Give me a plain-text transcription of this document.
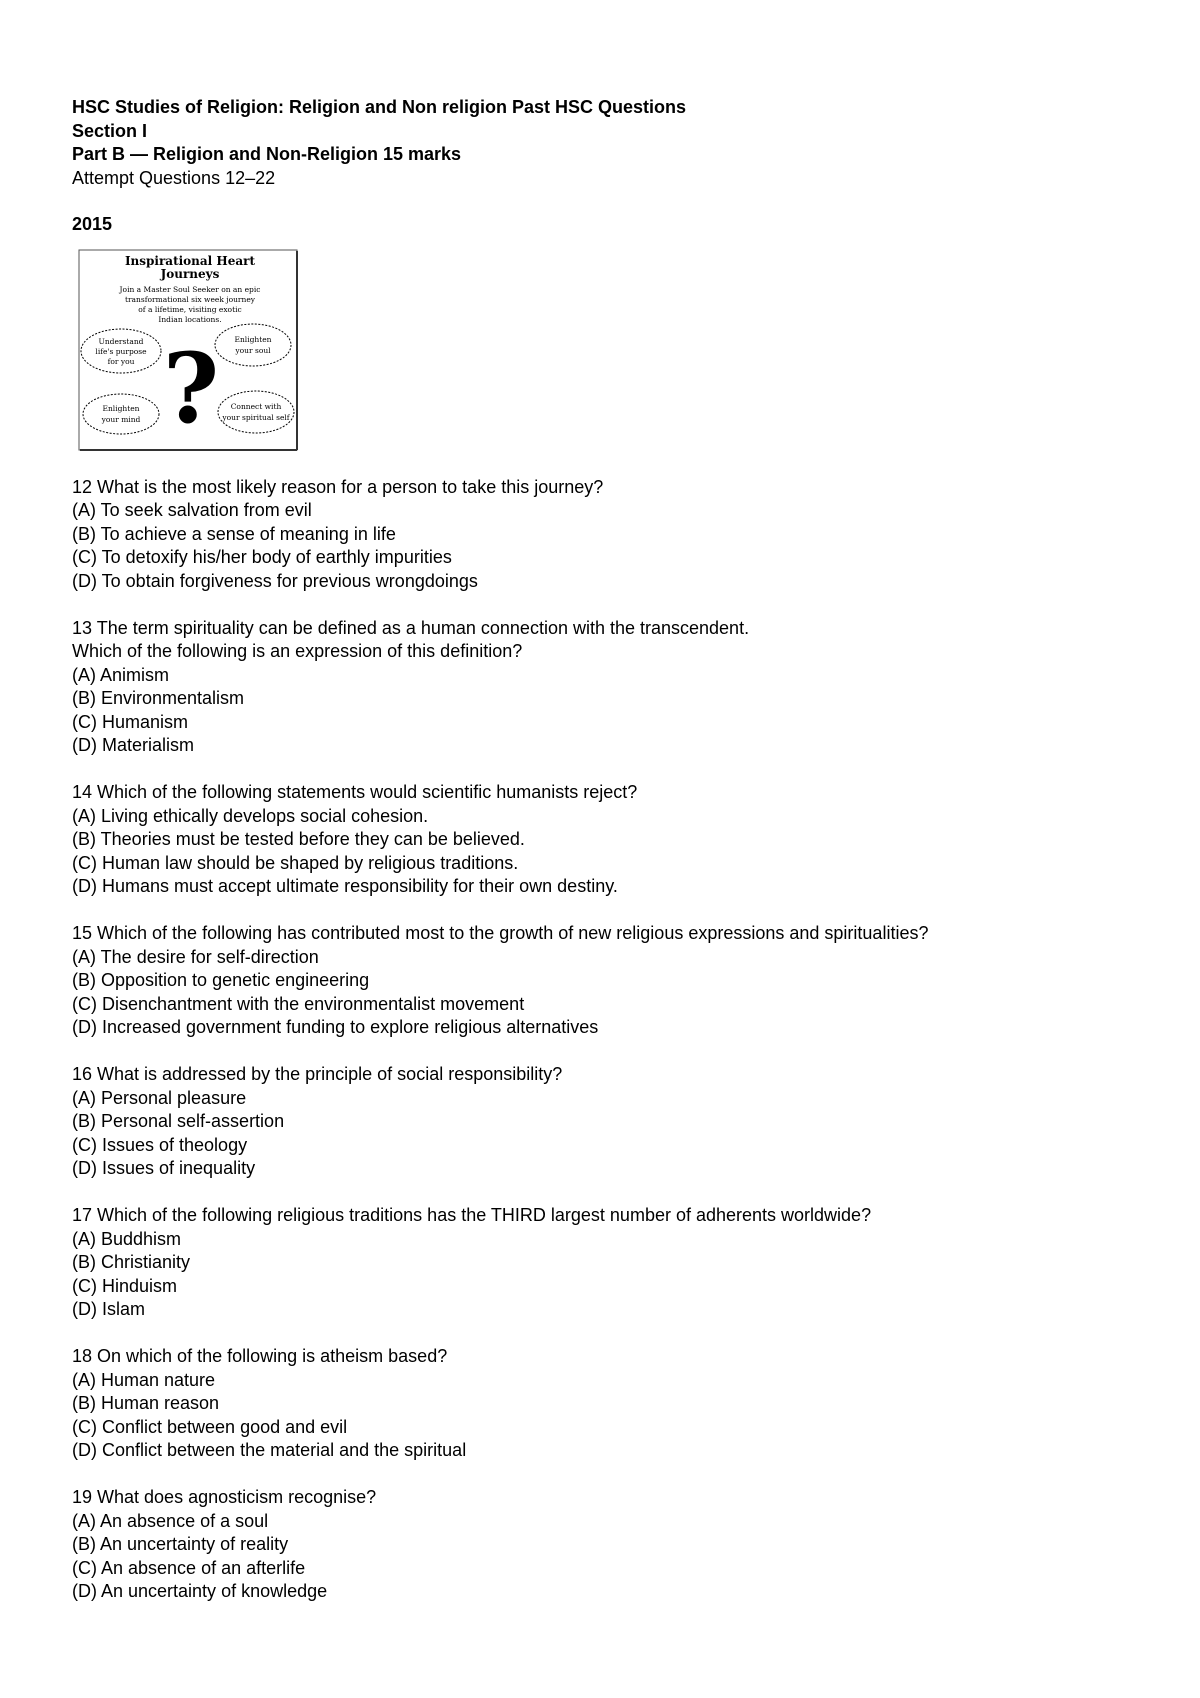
HSC Studies of Religion: Religion and Non religion Past HSC Questions
Section I
Part B — Religion and Non-Religion 15 marks
Attempt Questions 12–22
2015
Inspirational Heart
Journeys
Join a Master Soul Seeker on an epic
transformational six week journey
of a lifetime, visiting exotic
Indian locations.
Understand
life's purpose
for you
Enlighten
your soul
?
Enlighten
your mind
Connect with
your spiritual self
12 What is the most likely reason for a person to take this journey?
(A) To seek salvation from evil
(B) To achieve a sense of meaning in life
(C) To detoxify his/her body of earthly impurities
(D) To obtain forgiveness for previous wrongdoings
13 The term spirituality can be defined as a human connection with the transcendent.
Which of the following is an expression of this definition?
(A) Animism
(B) Environmentalism
(C) Humanism
(D) Materialism
14 Which of the following statements would scientific humanists reject?
(A) Living ethically develops social cohesion.
(B) Theories must be tested before they can be believed.
(C) Human law should be shaped by religious traditions.
(D) Humans must accept ultimate responsibility for their own destiny.
15 Which of the following has contributed most to the growth of new religious expressions and spiritualities?
(A) The desire for self-direction
(B) Opposition to genetic engineering
(C) Disenchantment with the environmentalist movement
(D) Increased government funding to explore religious alternatives
16 What is addressed by the principle of social responsibility?
(A) Personal pleasure
(B) Personal self-assertion
(C) Issues of theology
(D) Issues of inequality
17 Which of the following religious traditions has the THIRD largest number of adherents worldwide?
(A) Buddhism
(B) Christianity
(C) Hinduism
(D) Islam
18 On which of the following is atheism based?
(A) Human nature
(B) Human reason
(C) Conflict between good and evil
(D) Conflict between the material and the spiritual
19 What does agnosticism recognise?
(A) An absence of a soul
(B) An uncertainty of reality
(C) An absence of an afterlife
(D) An uncertainty of knowledge
